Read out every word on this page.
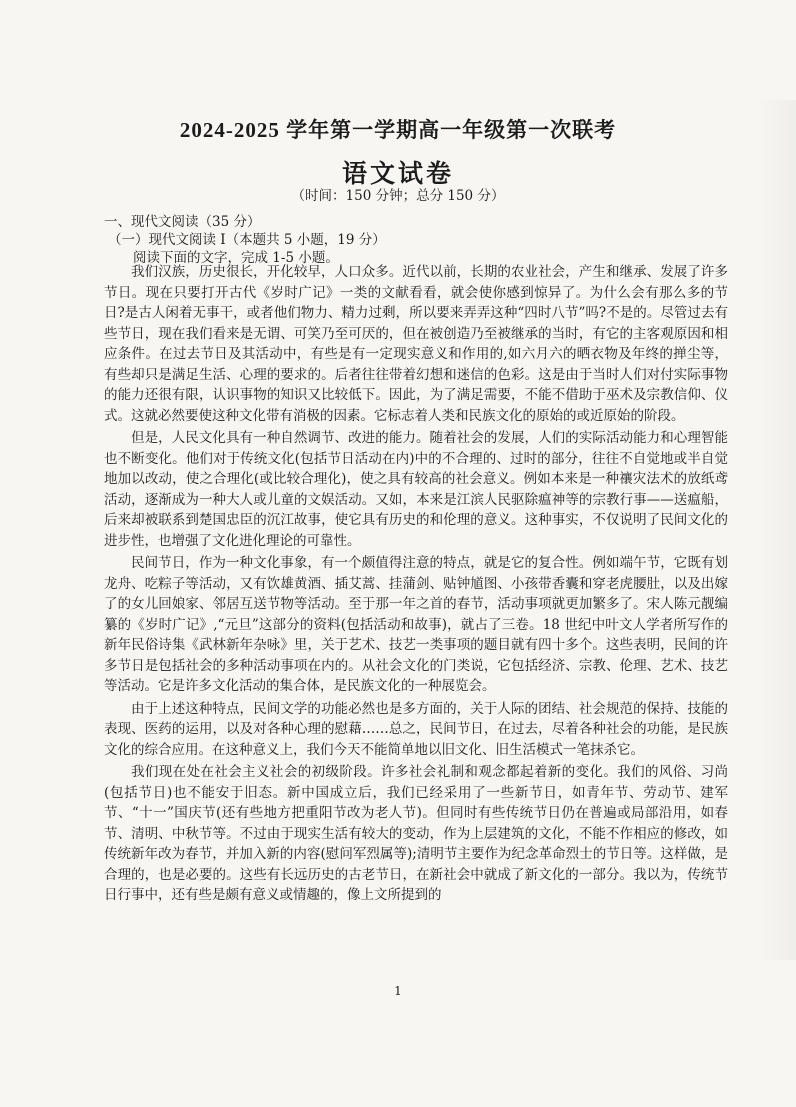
2024-2025 学年第一学期高一年级第一次联考
语文试卷
（时间：150 分钟；总分 150 分）
一、现代文阅读（35 分）
（一）现代文阅读 I（本题共 5 小题，19 分）
阅读下面的文字，完成 1-5 小题。

我们汉族，历史很长，开化较早，人口众多。近代以前，长期的农业社会，产生和继承、发展了许多节日。现在只要打开古代《岁时广记》一类的文献看看，就会使你感到惊异了。为什么会有那么多的节日?是古人闲着无事干，或者他们物力、精力过剩，所以要来弄弄这种“四时八节”吗?不是的。尽管过去有些节日，现在我们看来是无谓、可笑乃至可厌的，但在被创造乃至被继承的当时，有它的主客观原因和相应条件。在过去节日及其活动中，有些是有一定现实意义和作用的,如六月六的晒衣物及年终的掸尘等，有些却只是满足生活、心理的要求的。后者往往带着幻想和迷信的色彩。这是由于当时人们对付实际事物的能力还很有限，认识事物的知识又比较低下。因此，为了满足需要，不能不借助于巫术及宗教信仰、仪式。这就必然要使这种文化带有消极的因素。它标志着人类和民族文化的原始的或近原始的阶段。

但是，人民文化具有一种自然调节、改进的能力。随着社会的发展，人们的实际活动能力和心理智能也不断变化。他们对于传统文化(包括节日活动在内)中的不合理的、过时的部分，往往不自觉地或半自觉地加以改动，使之合理化(或比较合理化)，使之具有较高的社会意义。例如本来是一种禳灾法术的放纸鸢活动，逐渐成为一种大人或儿童的文娱活动。又如，本来是江滨人民驱除瘟神等的宗教行事——送瘟船，后来却被联系到楚国忠臣的沉江故事，使它具有历史的和伦理的意义。这种事实，不仅说明了民间文化的进步性，也增强了文化进化理论的可靠性。

民间节日，作为一种文化事象，有一个颇值得注意的特点，就是它的复合性。例如端午节，它既有划龙舟、吃粽子等活动，又有饮雄黄酒、插艾蒿、挂蒲剑、贴钟馗图、小孩带香囊和穿老虎腰肚，以及出嫁了的女儿回娘家、邻居互送节物等活动。至于那一年之首的春节，活动事项就更加繁多了。宋人陈元靓编纂的《岁时广记》,“元旦”这部分的资料(包括活动和故事)，就占了三卷。18 世纪中叶文人学者所写作的新年民俗诗集《武林新年杂咏》里，关于艺术、技艺一类事项的题目就有四十多个。这些表明，民间的许多节日是包括社会的多种活动事项在内的。从社会文化的门类说，它包括经济、宗教、伦理、艺术、技艺等活动。它是许多文化活动的集合体，是民族文化的一种展览会。

由于上述这种特点，民间文学的功能必然也是多方面的，关于人际的团结、社会规范的保持、技能的表现、医药的运用，以及对各种心理的慰藉……总之，民间节日，在过去，尽着各种社会的功能，是民族文化的综合应用。在这种意义上，我们今天不能简单地以旧文化、旧生活模式一笔抹杀它。

我们现在处在社会主义社会的初级阶段。许多社会礼制和观念都起着新的变化。我们的风俗、习尚(包括节日)也不能安于旧态。新中国成立后，我们已经采用了一些新节日，如青年节、劳动节、建军节、“十一”国庆节(还有些地方把重阳节改为老人节)。但同时有些传统节日仍在普遍或局部沿用，如春节、清明、中秋节等。不过由于现实生活有较大的变动，作为上层建筑的文化，不能不作相应的修改，如传统新年改为春节，并加入新的内容(慰问军烈属等);清明节主要作为纪念革命烈士的节日等。这样做，是合理的，也是必要的。这些有长远历史的古老节日，在新社会中就成了新文化的一部分。我以为，传统节日行事中，还有些是颇有意义或情趣的，像上文所提到的

1
